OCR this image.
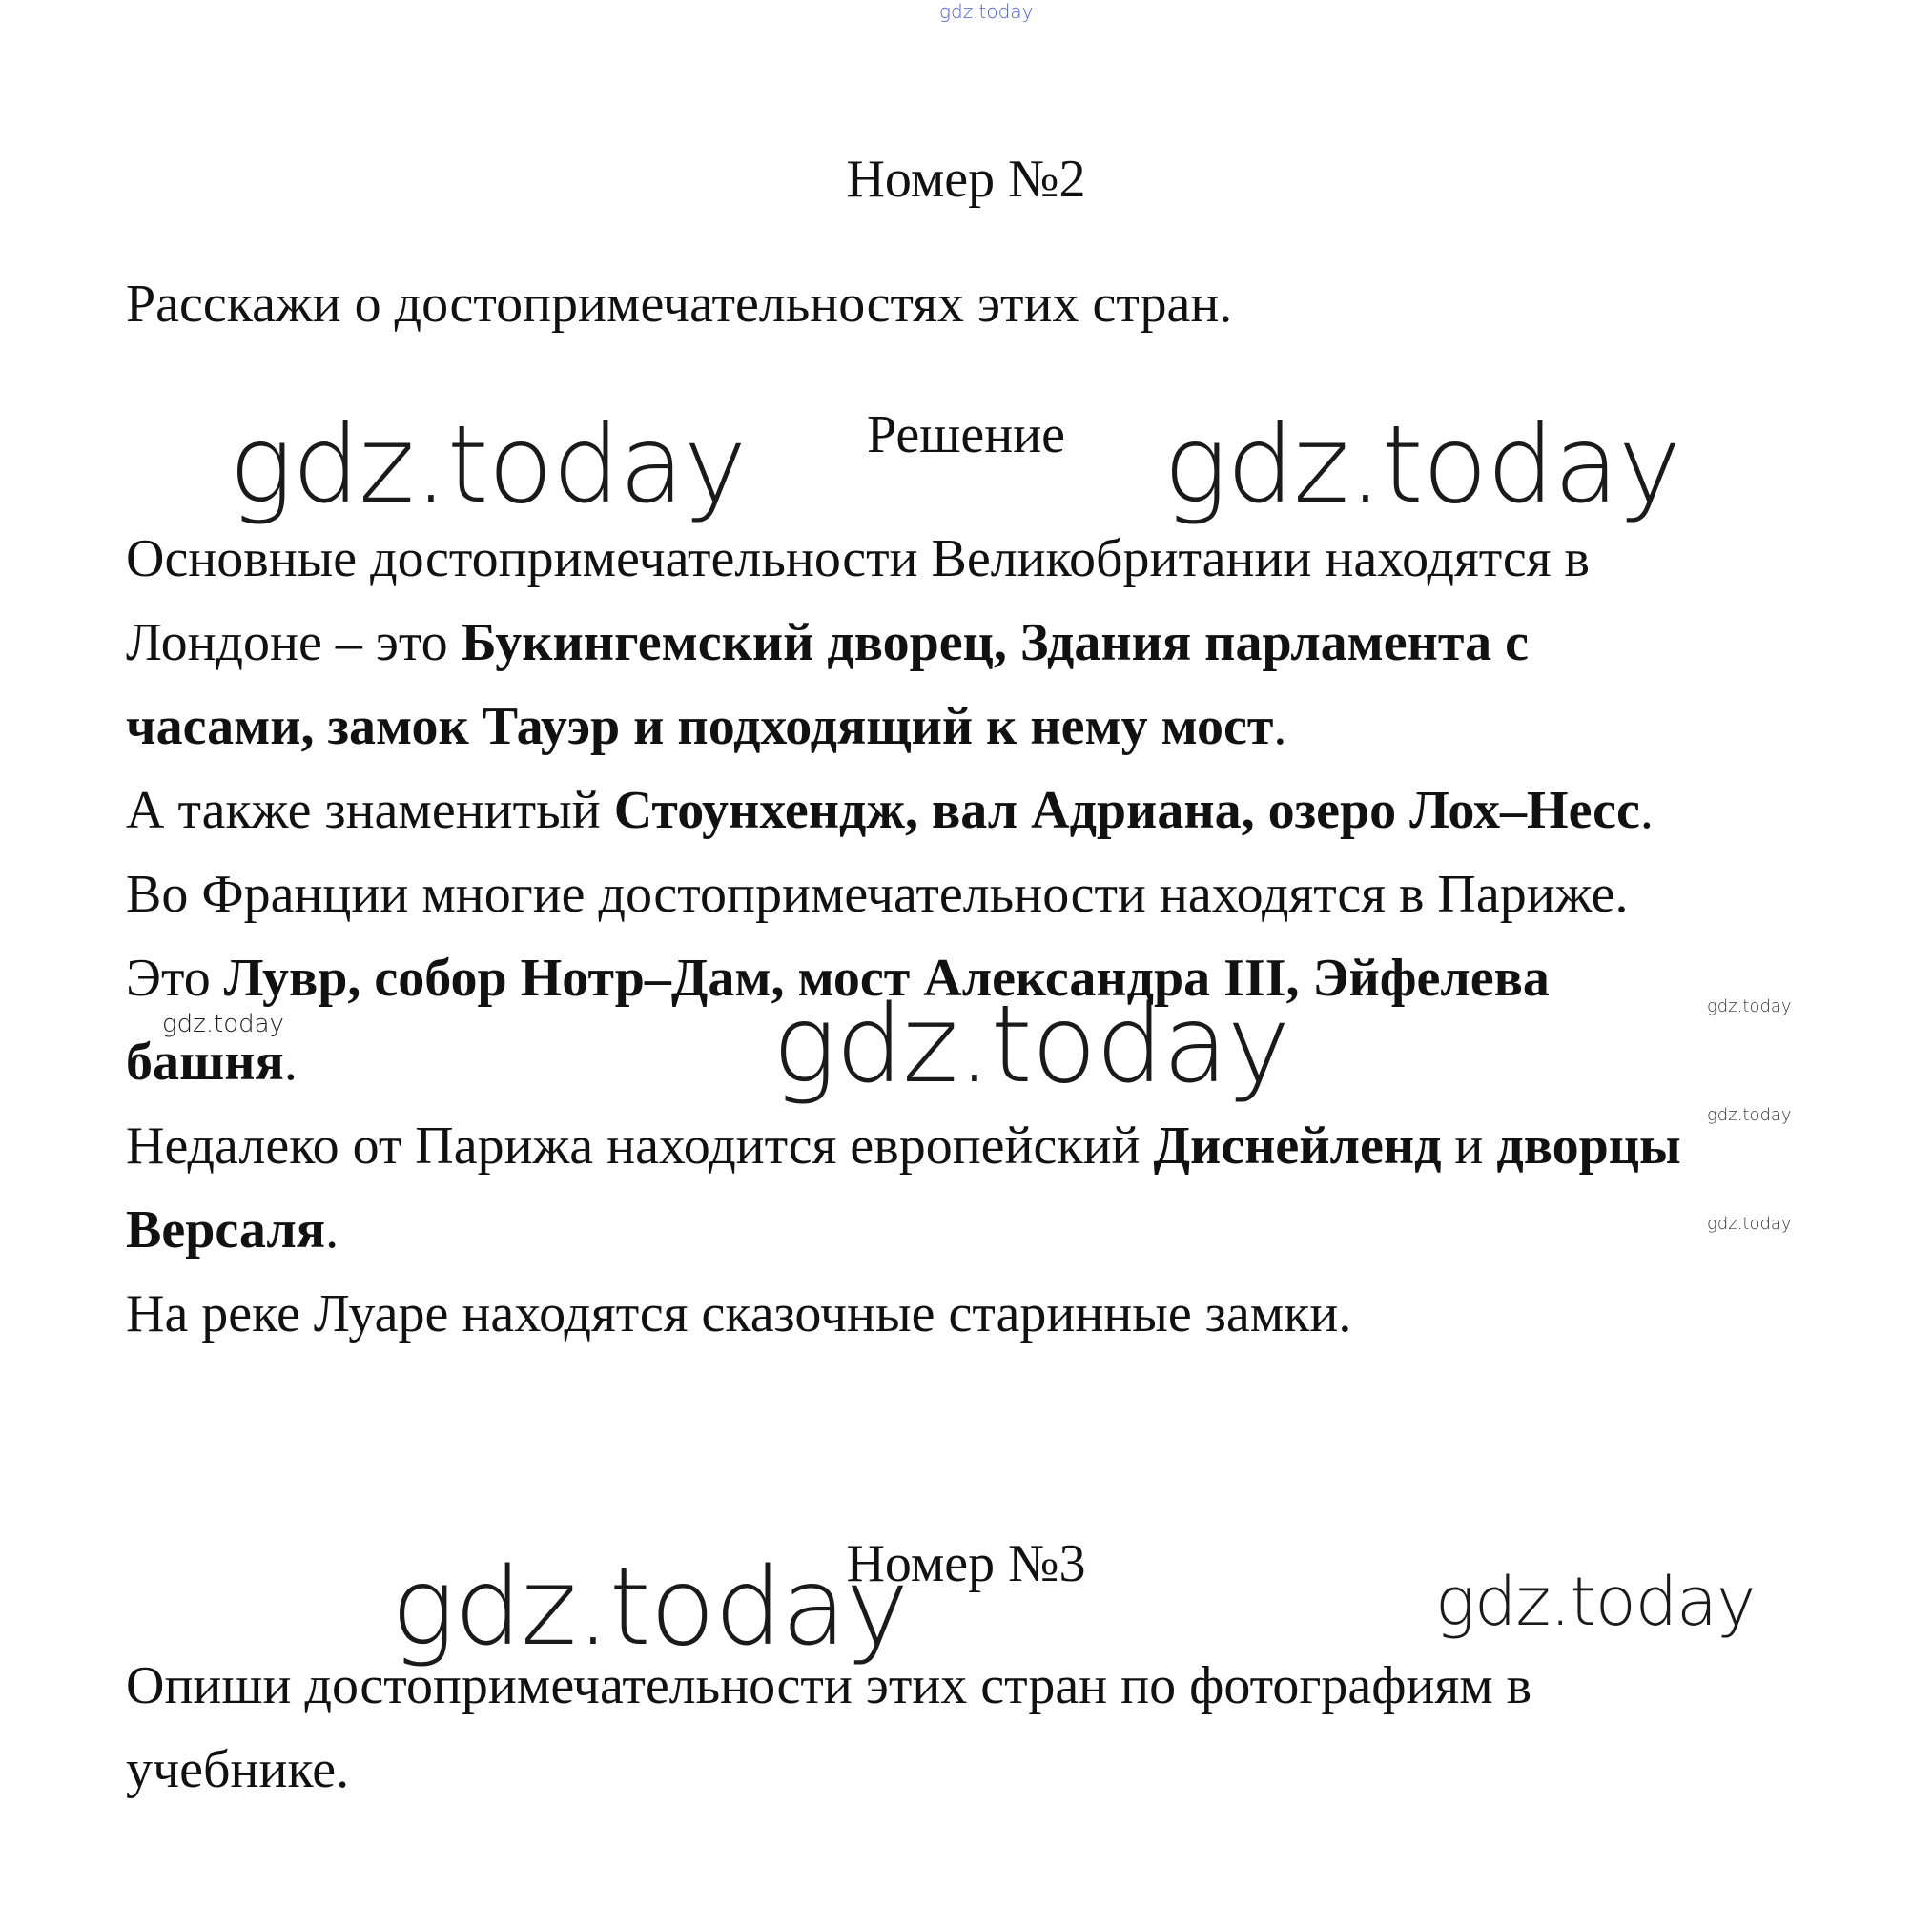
gdz.today
gdz.today	gdz.today
gdz.today
gdz.today	gdz.today
gdz.today
gdz.today
gdz.today
gdz.today
Номер №2
Расскажи о достопримечательностях этих стран.
Решение
Основные достопримечательности Великобритании находятся в
Лондоне – это Букингемский дворец, Здания парламента с
часами, замок Тауэр и подходящий к нему мост.
А также знаменитый Стоунхендж, вал Адриана, озеро Лох–Несс.
Во Франции многие достопримечательности находятся в Париже.
Это Лувр, собор Нотр–Дам, мост Александра III, Эйфелева
башня.
Недалеко от Парижа находится европейский Диснейленд и дворцы
Версаля.
На реке Луаре находятся сказочные старинные замки.
Номер №3
Опиши достопримечательности этих стран по фотографиям в
учебнике.
